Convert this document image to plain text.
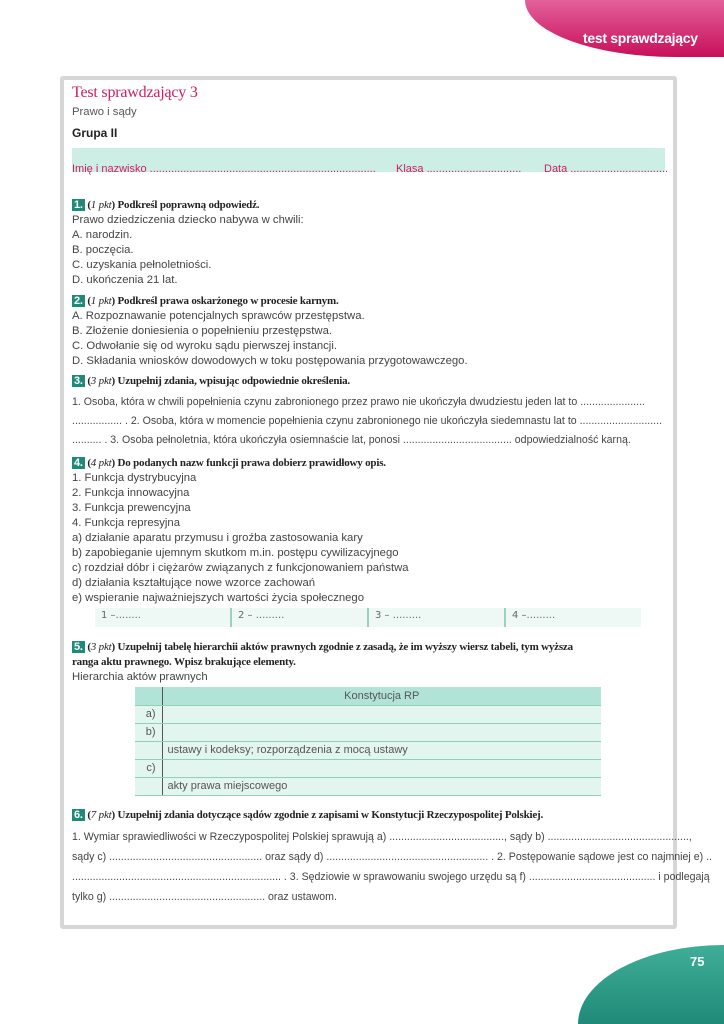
test sprawdzający
75
Test sprawdzający 3
Prawo i sądy
Grupa II
Imię i nazwisko .......................................................................... Klasa ............................... Data ................................
1. (1 pkt) Podkreśl poprawną odpowiedź.
Prawo dziedziczenia dziecko nabywa w chwili:
A. narodzin.
B. poczęcia.
C. uzyskania pełnoletniości.
D. ukończenia 21 lat.
2. (1 pkt) Podkreśl prawa oskarżonego w procesie karnym.
A. Rozpoznawanie potencjalnych sprawców przestępstwa.
B. Złożenie doniesienia o popełnieniu przestępstwa.
C. Odwołanie się od wyroku sądu pierwszej instancji.
D. Składania wniosków dowodowych w toku postępowania przygotowawczego.
3. (3 pkt) Uzupełnij zdania, wpisując odpowiednie określenia.
1. Osoba, która w chwili popełnienia czynu zabronionego przez prawo nie ukończyła dwudziestu jeden lat to ......................
................. . 2. Osoba, która w momencie popełnienia czynu zabronionego nie ukończyła siedemnastu lat to ............................
.......... . 3. Osoba pełnoletnia, która ukończyła osiemnaście lat, ponosi ..................................... odpowiedzialność karną.
4. (4 pkt) Do podanych nazw funkcji prawa dobierz prawidłowy opis.
1. Funkcja dystrybucyjna
2. Funkcja innowacyjna
3. Funkcja prewencyjna
4. Funkcja represyjna
a) działanie aparatu przymusu i groźba zastosowania kary
b) zapobieganie ujemnym skutkom m.in. postępu cywilizacyjnego
c) rozdział dóbr i ciężarów związanych z funkcjonowaniem państwa
d) działania kształtujące nowe wzorce zachowań
e) wspieranie najważniejszych wartości życia społecznego
1 –........	2 – .........	3 – .........	4 –.........
5. (3 pkt) Uzupełnij tabelę hierarchii aktów prawnych zgodnie z zasadą, że im wyższy wiersz tabeli, tym wyższa
ranga aktu prawnego. Wpisz brakujące elementy.
Hierarchia aktów prawnych
	Konstytucja RP
a)	
b)	
	ustawy i kodeksy; rozporządzenia z mocą ustawy
c)	
	akty prawa miejscowego
6. (7 pkt) Uzupełnij zdania dotyczące sądów zgodnie z zapisami w Konstytucji Rzeczypospolitej Polskiej.
1. Wymiar sprawiedliwości w Rzeczypospolitej Polskiej sprawują a) ......................................., sądy b) ................................................,
sądy c) .................................................... oraz sądy d) ....................................................... . 2. Postępowanie sądowe jest co najmniej e) ..
....................................................................... . 3. Sędziowie w sprawowaniu swojego urzędu są f) ........................................... i podlegają
tylko g) ..................................................... oraz ustawom.
